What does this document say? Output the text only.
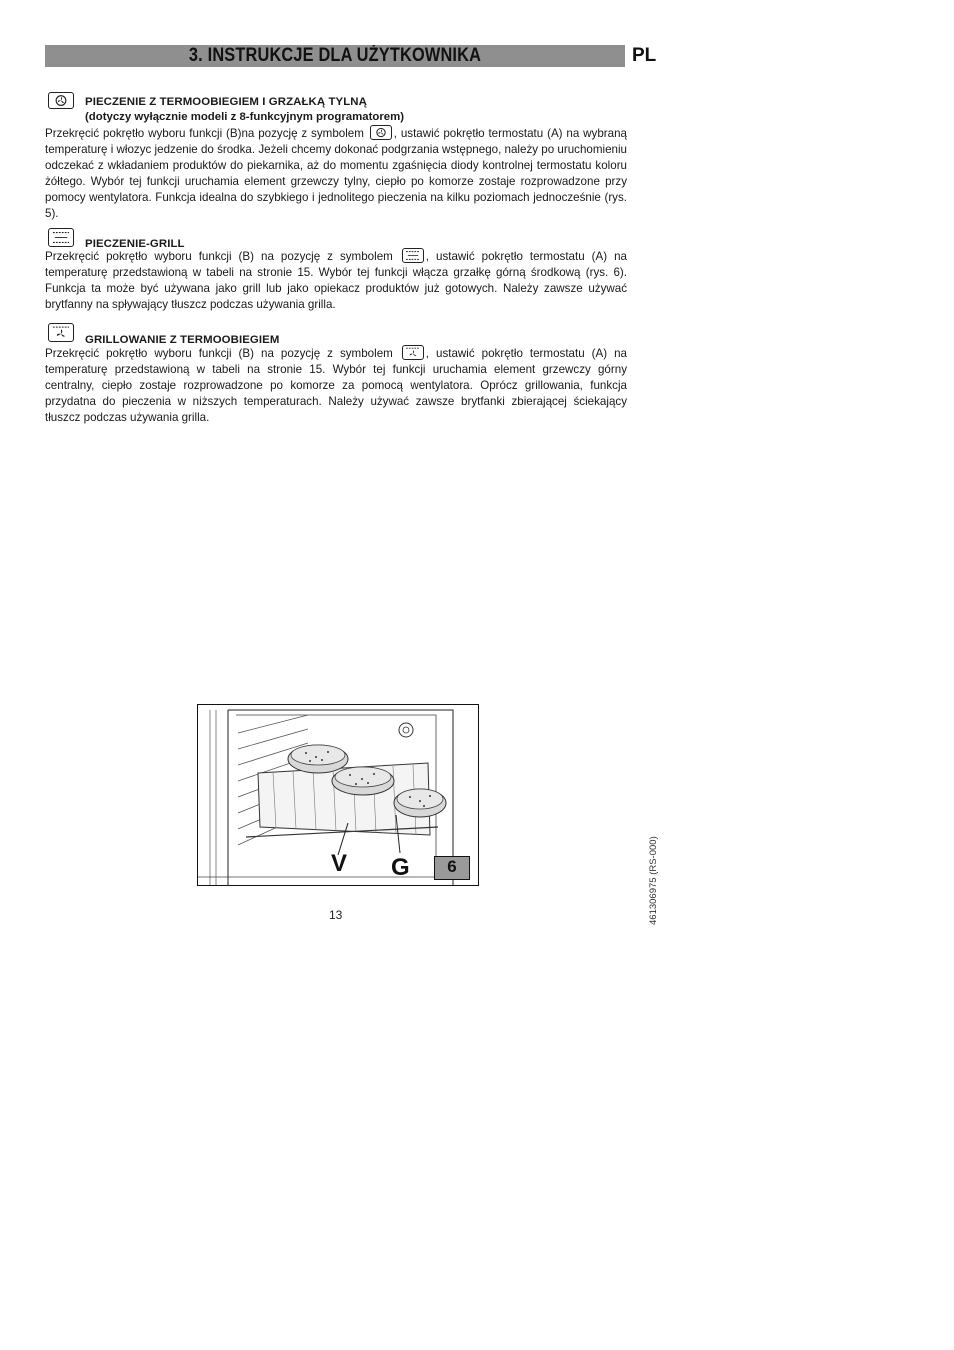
3. INSTRUKCJE DLA UŻYTKOWNIKA	PL
PIECZENIE Z TERMOOBIEGIEM I GRZAŁKĄ TYLNĄ
(dotyczy wyłącznie modeli z 8-funkcyjnym programatorem)

Przekręcić pokrętło wyboru funkcji (B)na pozycję z symbolem	, ustawić pokrętło termostatu (A) na wybraną temperaturę i włozyc jedzenie do środka. Jeżeli chcemy dokonać podgrzania wstępnego, należy po uruchomieniu odczekać z wkładaniem produktów do piekarnika, aż do momentu zgaśnięcia diody kontrolnej termostatu koloru żółtego. Wybór tej funkcji uruchamia element grzewczy tylny, ciepło po komorze zostaje rozprowadzone przy pomocy wentylatora. Funkcja idealna do szybkiego i jednolitego pieczenia na kilku poziomach jednocześnie (rys. 5).

PIECZENIE-GRILL

Przekręcić pokrętło wyboru funkcji (B) na pozycję z symbolem	, ustawić pokrętło termostatu (A) na temperaturę przedstawioną w tabeli na stronie 15. Wybór tej funkcji włącza grzałkę górną środkową (rys. 6). Funkcja ta może być używana jako grill lub jako opiekacz produktów już gotowych. Należy zawsze używać brytfanny na spływający tłuszcz podczas używania grilla.

GRILLOWANIE Z TERMOOBIEGIEM

Przekręcić pokrętło wyboru funkcji (B) na pozycję z symbolem	, ustawić pokrętło termostatu (A) na temperaturę przedstawioną w tabeli na stronie 15. Wybór tej funkcji uruchamia element grzewczy górny centralny, ciepło zostaje rozprowadzone po komorze za pomocą wentylatora. Oprócz grillowania, funkcja przydatna do pieczenia w niższych temperaturach. Należy używać zawsze brytfanki zbierającej ściekający tłuszcz podczas używania grilla.

V G	6
13	461306975 (RS-000)
